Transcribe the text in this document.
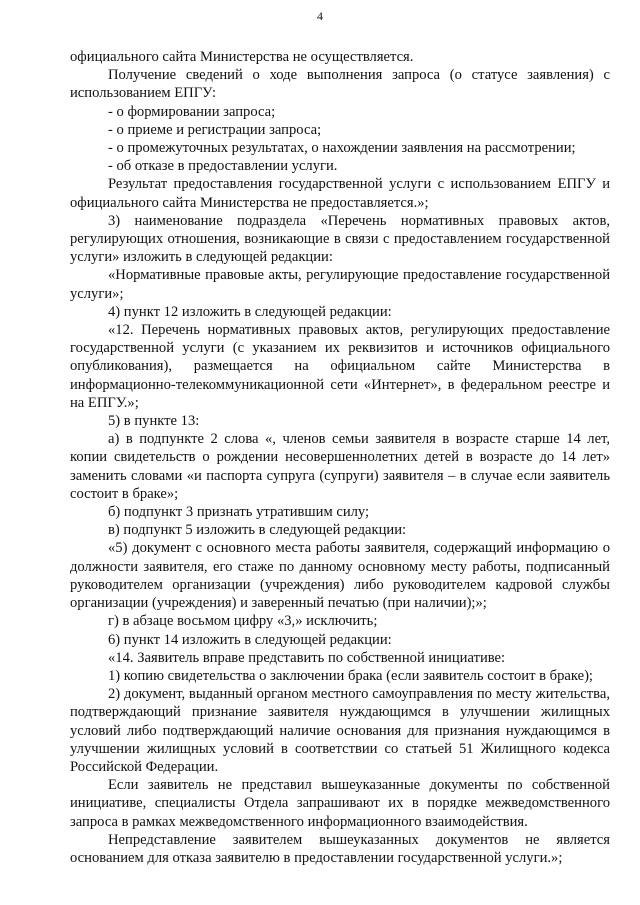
4

официального сайта Министерства не осуществляется.

Получение сведений о ходе выполнения запроса (о статусе заявления) с использованием ЕПГУ:

- о формировании запроса;

- о приеме и регистрации запроса;

- о промежуточных результатах, о нахождении заявления на рассмотрении;

- об отказе в предоставлении услуги.

Результат предоставления государственной услуги с использованием ЕПГУ и официального сайта Министерства не предоставляется.»;

3) наименование подраздела «Перечень нормативных правовых актов, регулирующих отношения, возникающие в связи с предоставлением государственной услуги» изложить в следующей редакции:

«Нормативные правовые акты, регулирующие предоставление государственной услуги»;

4) пункт 12 изложить в следующей редакции:

«12. Перечень нормативных правовых актов, регулирующих предоставление государственной услуги (с указанием их реквизитов и источников официального опубликования), размещается на официальном сайте Министерства в информационно-телекоммуникационной сети «Интернет», в федеральном реестре и на ЕПГУ.»;

5) в пункте 13:

а) в подпункте 2 слова «, членов семьи заявителя в возрасте старше 14 лет, копии свидетельств о рождении несовершеннолетних детей в возрасте до 14 лет» заменить словами «и паспорта супруга (супруги) заявителя – в случае если заявитель состоит в браке»;

б) подпункт 3 признать утратившим силу;

в) подпункт 5 изложить в следующей редакции:

«5) документ с основного места работы заявителя, содержащий информацию о должности заявителя, его стаже по данному основному месту работы, подписанный руководителем организации (учреждения) либо руководителем кадровой службы организации (учреждения) и заверенный печатью (при наличии);»;

г) в абзаце восьмом цифру «3,» исключить;

6) пункт 14 изложить в следующей редакции:

«14. Заявитель вправе представить по собственной инициативе:

1) копию свидетельства о заключении брака (если заявитель состоит в браке);

2) документ, выданный органом местного самоуправления по месту жительства, подтверждающий признание заявителя нуждающимся в улучшении жилищных условий либо подтверждающий наличие основания для признания нуждающимся в улучшении жилищных условий в соответствии со статьей 51 Жилищного кодекса Российской Федерации.

Если заявитель не представил вышеуказанные документы по собственной инициативе, специалисты Отдела запрашивают их в порядке межведомственного запроса в рамках межведомственного информационного взаимодействия.

Непредставление заявителем вышеуказанных документов не является основанием для отказа заявителю в предоставлении государственной услуги.»;
